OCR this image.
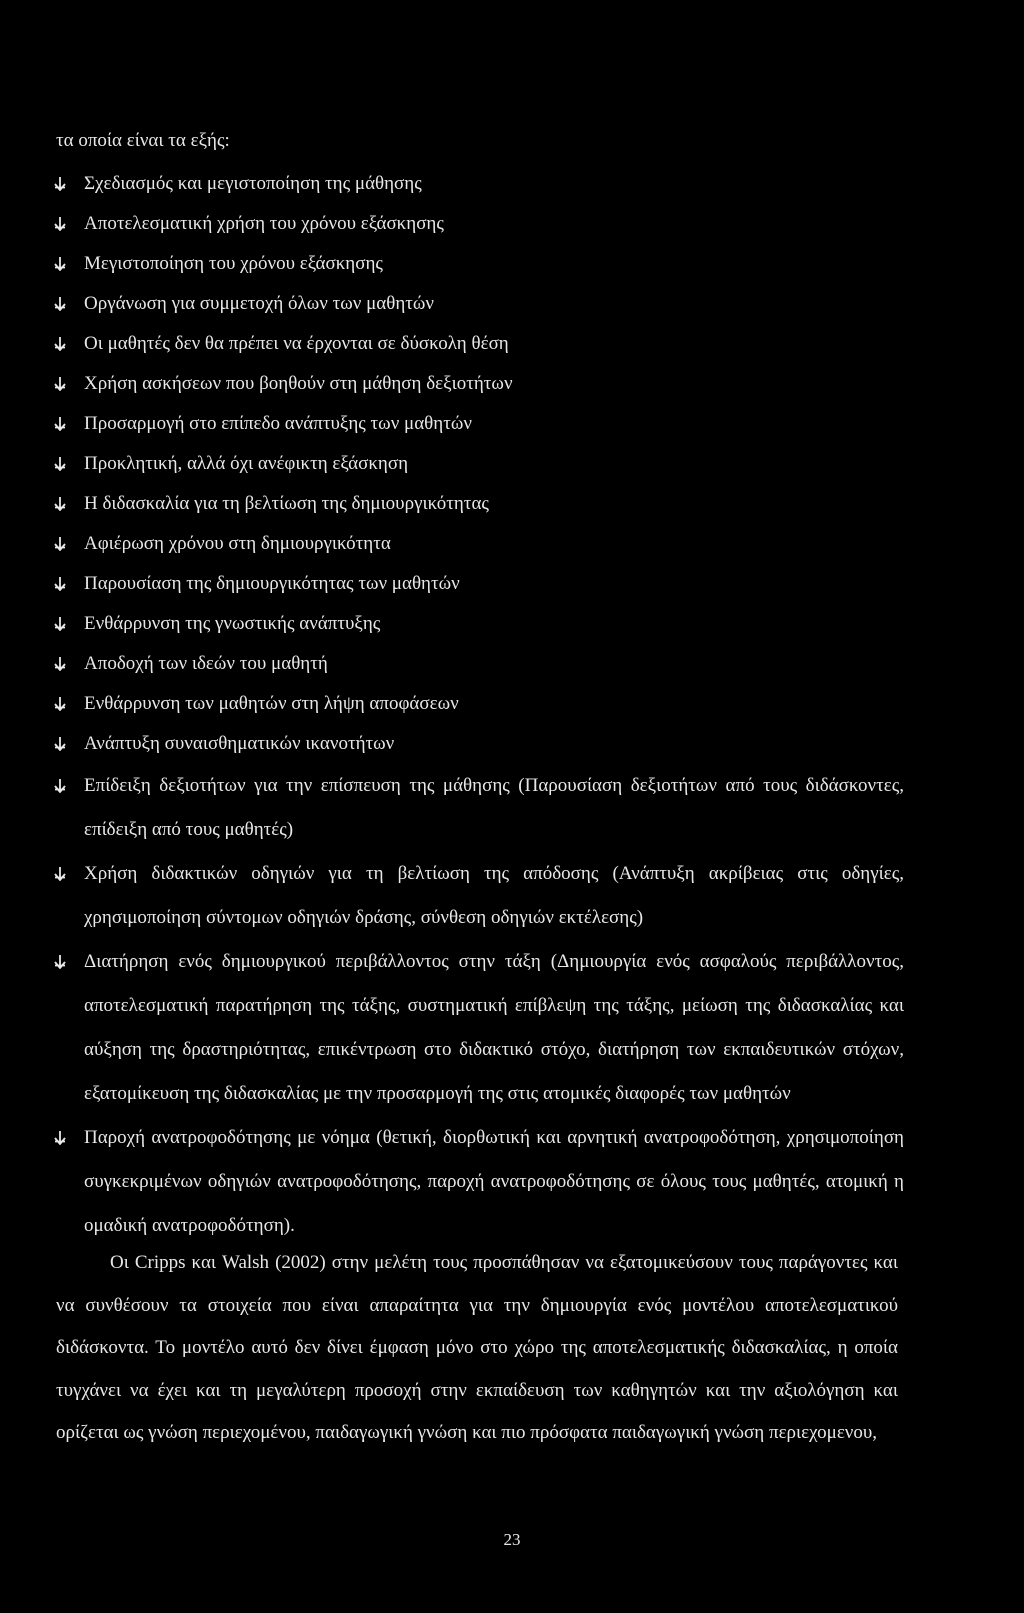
τα οποία είναι τα εξής:
Σχεδιασμός και μεγιστοποίηση της μάθησης
Αποτελεσματική χρήση του χρόνου εξάσκησης
Μεγιστοποίηση του χρόνου εξάσκησης
Οργάνωση για συμμετοχή όλων των μαθητών
Οι μαθητές δεν θα πρέπει να έρχονται σε δύσκολη θέση
Χρήση ασκήσεων που βοηθούν στη μάθηση δεξιοτήτων
Προσαρμογή στο επίπεδο ανάπτυξης των μαθητών
Προκλητική, αλλά όχι ανέφικτη εξάσκηση
Η διδασκαλία για τη βελτίωση της δημιουργικότητας
Αφιέρωση χρόνου στη δημιουργικότητα
Παρουσίαση της δημιουργικότητας των μαθητών
Ενθάρρυνση της γνωστικής ανάπτυξης
Αποδοχή των ιδεών του μαθητή
Ενθάρρυνση των μαθητών στη λήψη αποφάσεων
Ανάπτυξη συναισθηματικών ικανοτήτων
Επίδειξη δεξιοτήτων για την επίσπευση της μάθησης (Παρουσίαση δεξιοτήτων από τους διδάσκοντες, επίδειξη από τους μαθητές)
Χρήση διδακτικών οδηγιών για τη βελτίωση της απόδοσης (Ανάπτυξη ακρίβειας στις οδηγίες, χρησιμοποίηση σύντομων οδηγιών δράσης, σύνθεση οδηγιών εκτέλεσης)
Διατήρηση ενός δημιουργικού περιβάλλοντος στην τάξη (Δημιουργία ενός ασφαλούς περιβάλλοντος, αποτελεσματική παρατήρηση της τάξης, συστηματική επίβλεψη της τάξης, μείωση της διδασκαλίας και αύξηση της δραστηριότητας, επικέντρωση στο διδακτικό στόχο, διατήρηση των εκπαιδευτικών στόχων, εξατομίκευση της διδασκαλίας με την προσαρμογή της στις ατομικές διαφορές των μαθητών
Παροχή ανατροφοδότησης με νόημα (θετική, διορθωτική και αρνητική ανατροφοδότηση, χρησιμοποίηση συγκεκριμένων οδηγιών ανατροφοδότησης, παροχή ανατροφοδότησης σε όλους τους μαθητές, ατομική η ομαδική ανατροφοδότηση).

Οι Cripps και Walsh (2002) στην μελέτη τους προσπάθησαν να εξατομικεύσουν τους παράγοντες και να συνθέσουν τα στοιχεία που είναι απαραίτητα για την δημιουργία ενός μοντέλου αποτελεσματικού διδάσκοντα. Το μοντέλο αυτό δεν δίνει έμφαση μόνο στο χώρο της αποτελεσματικής διδασκαλίας, η οποία τυγχάνει να έχει και τη μεγαλύτερη προσοχή στην εκπαίδευση των καθηγητών και την αξιολόγηση και ορίζεται ως γνώση περιεχομένου, παιδαγωγική γνώση και πιο πρόσφατα παιδαγωγική γνώση περιεχομενου,

23
